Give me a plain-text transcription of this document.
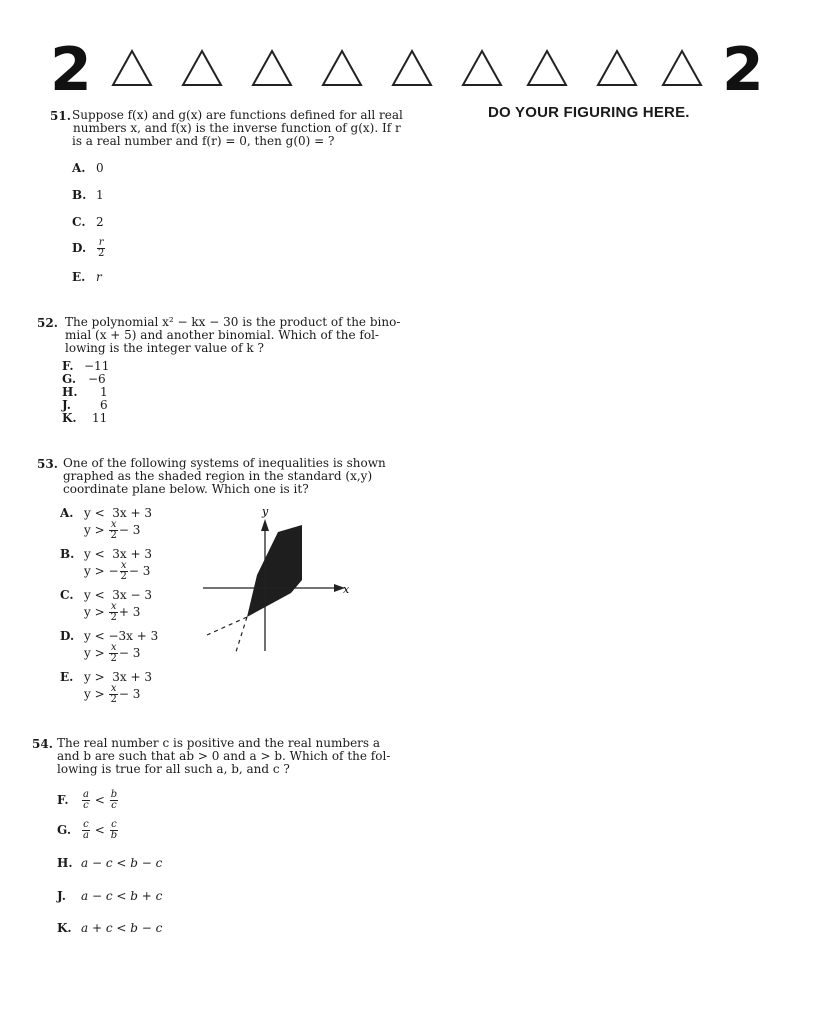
2	2
DO YOUR FIGURING HERE.
51. Suppose f(x) and g(x) are functions defined for all real
numbers x, and f(x) is the inverse function of g(x). If r
is a real number and f(r) = 0, then g(0) = ?
A. 0
B. 1
C. 2
D. $\frac{r}{2}$
E. r
52. The polynomial x² − kx − 30 is the product of the bino-
mial (x + 5) and another binomial. Which of the fol-
lowing is the integer value of k ?
F. −11
G. −6
H. 1
J. 6
K. 11
53. One of the following systems of inequalities is shown
graphed as the shaded region in the standard (x,y)
coordinate plane below. Which one is it?
A. y <  3x + 3
$y > \frac{x}{2} - 3$
B. y <  3x + 3
y > − $\frac{x}{2} - 3$
C. y <  3x − 3
$y > \frac{x}{2} + 3$
D. y < −3x + 3
$y > \frac{x}{2} - 3$
E. y >  3x + 3
$y > \frac{x}{2} - 3$
y
x
54. The real number c is positive and the real numbers a
and b are such that ab > 0 and a > b. Which of the fol-
lowing is true for all such a, b, and c ?
F. $\frac{a}{c} < \frac{b}{c}$
G. $\frac{c}{a} < \frac{c}{b}$
H. a − c < b − c
J. a − c < b + c
K. a + c < b − c
